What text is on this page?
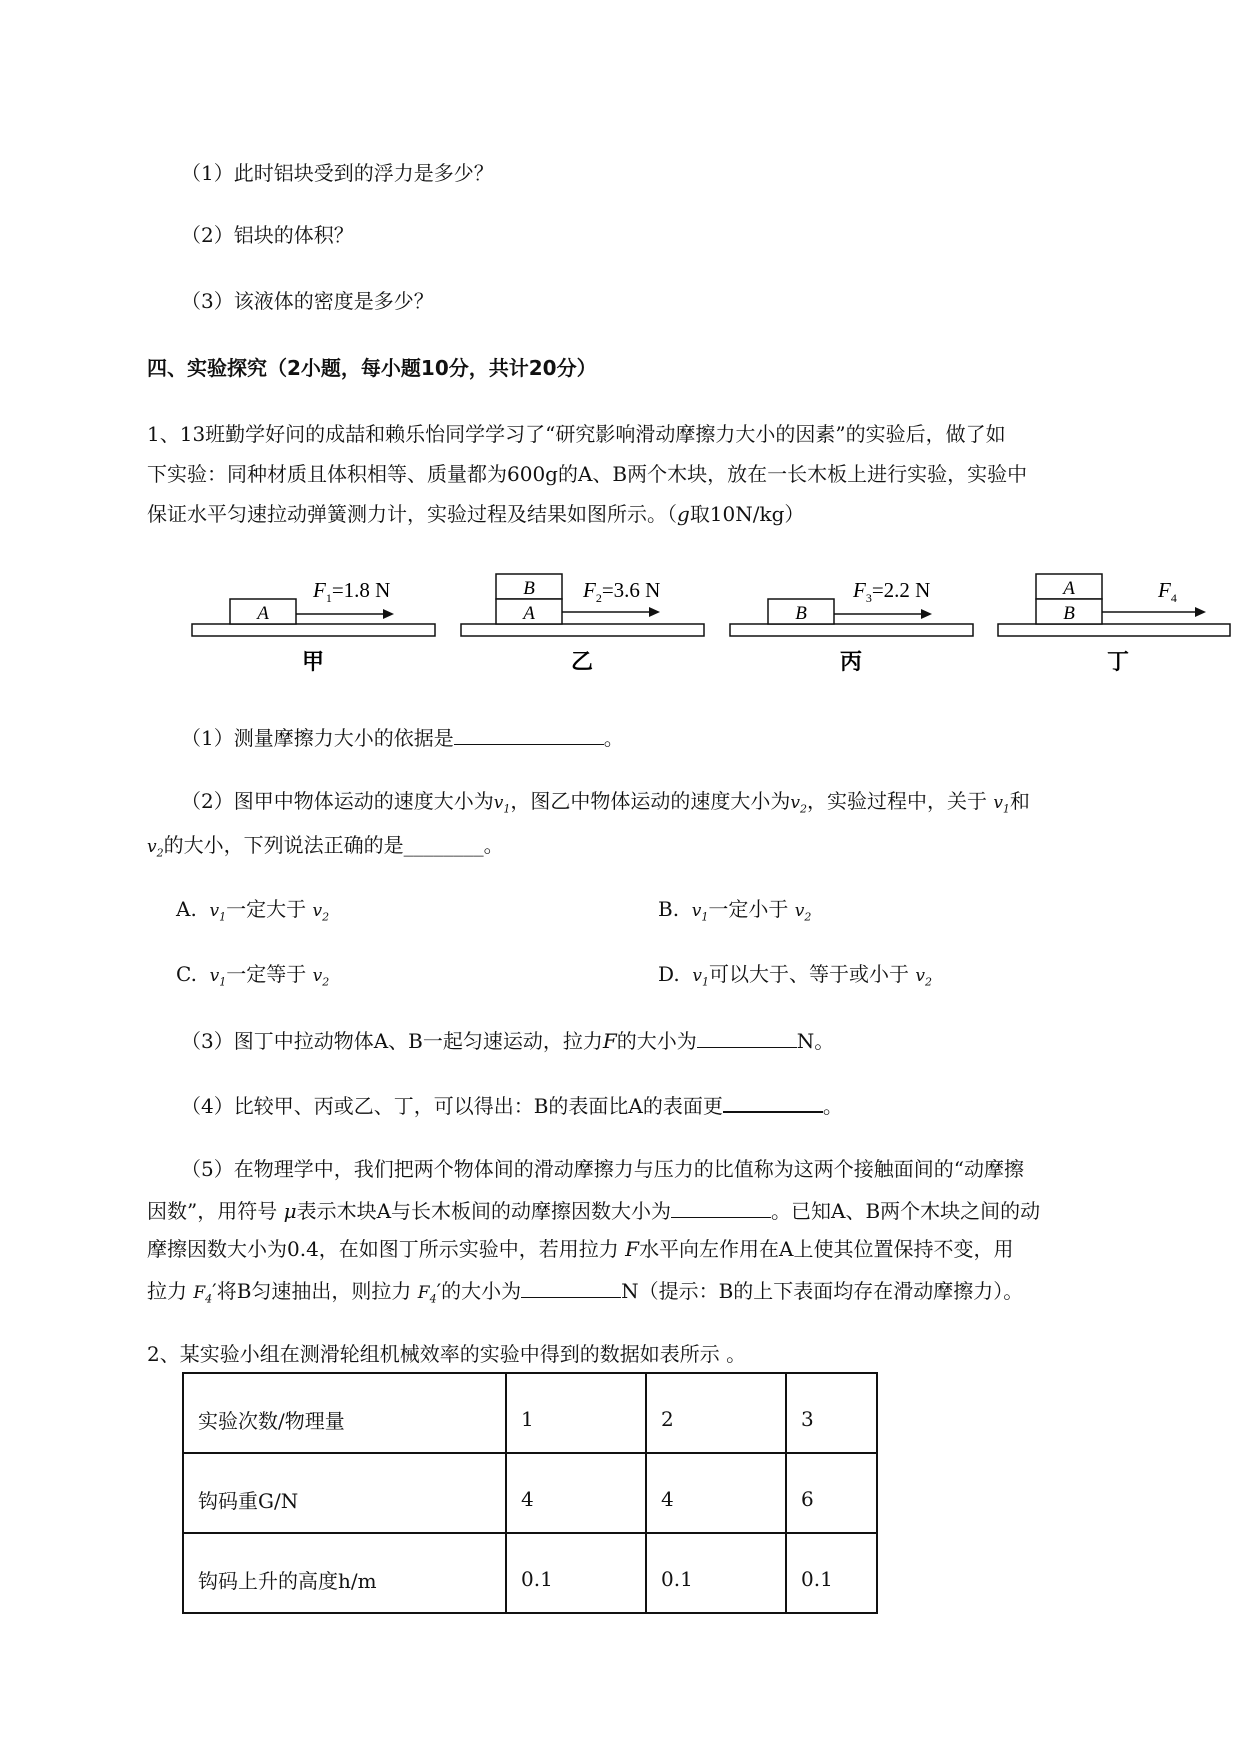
（1）此时铝块受到的浮力是多少？
（2）铝块的体积？
（3）该液体的密度是多少？
四、实验探究（2小题，每小题10分，共计20分）
1、13班勤学好问的成喆和赖乐怡同学学习了“研究影响滑动摩擦力大小的因素”的实验后，做了如
下实验：同种材质且体积相等、质量都为600g的A、B两个木块，放在一长木板上进行实验，实验中
保证水平匀速拉动弹簧测力计，实验过程及结果如图所示。（g取10N/kg）
A
$F_1=1.8$ N
甲
B
A
$F_2=3.6$ N
乙
B
$F_3=2.2$ N
丙
A
B
$F_4$
丁
（1）测量摩擦力大小的依据是	。
（2）图甲中物体运动的速度大小为$v_1$，图乙中物体运动的速度大小为$v_2$，实验过程中，关于 $v_1$和
$v_2$的大小，下列说法正确的是________。
A. $v_1$一定大于 $v_2$	B. $v_1$一定小于 $v_2$
C. $v_1$一定等于 $v_2$	D. $v_1$可以大于、等于或小于 $v_2$
（3）图丁中拉动物体A、B一起匀速运动，拉力F的大小为	N。
（4）比较甲、丙或乙、丁，可以得出：B的表面比A的表面更	。
（5）在物理学中，我们把两个物体间的滑动摩擦力与压力的比值称为这两个接触面间的“动摩擦
因数”，用符号 μ表示木块A与长木板间的动摩擦因数大小为	。已知A、B两个木块之间的动
摩擦因数大小为0.4，在如图丁所示实验中，若用拉力 F水平向左作用在A上使其位置保持不变，用
拉力 $F_4'$将B匀速抽出，则拉力 $F_4'$的大小为	N（提示：B的上下表面均存在滑动摩擦力）。
2、某实验小组在测滑轮组机械效率的实验中得到的数据如表所示 。
实验次数/物理量	1	2	3
钩码重G/N	4	4	6
钩码上升的高度h/m	0.1	0.1	0.1
